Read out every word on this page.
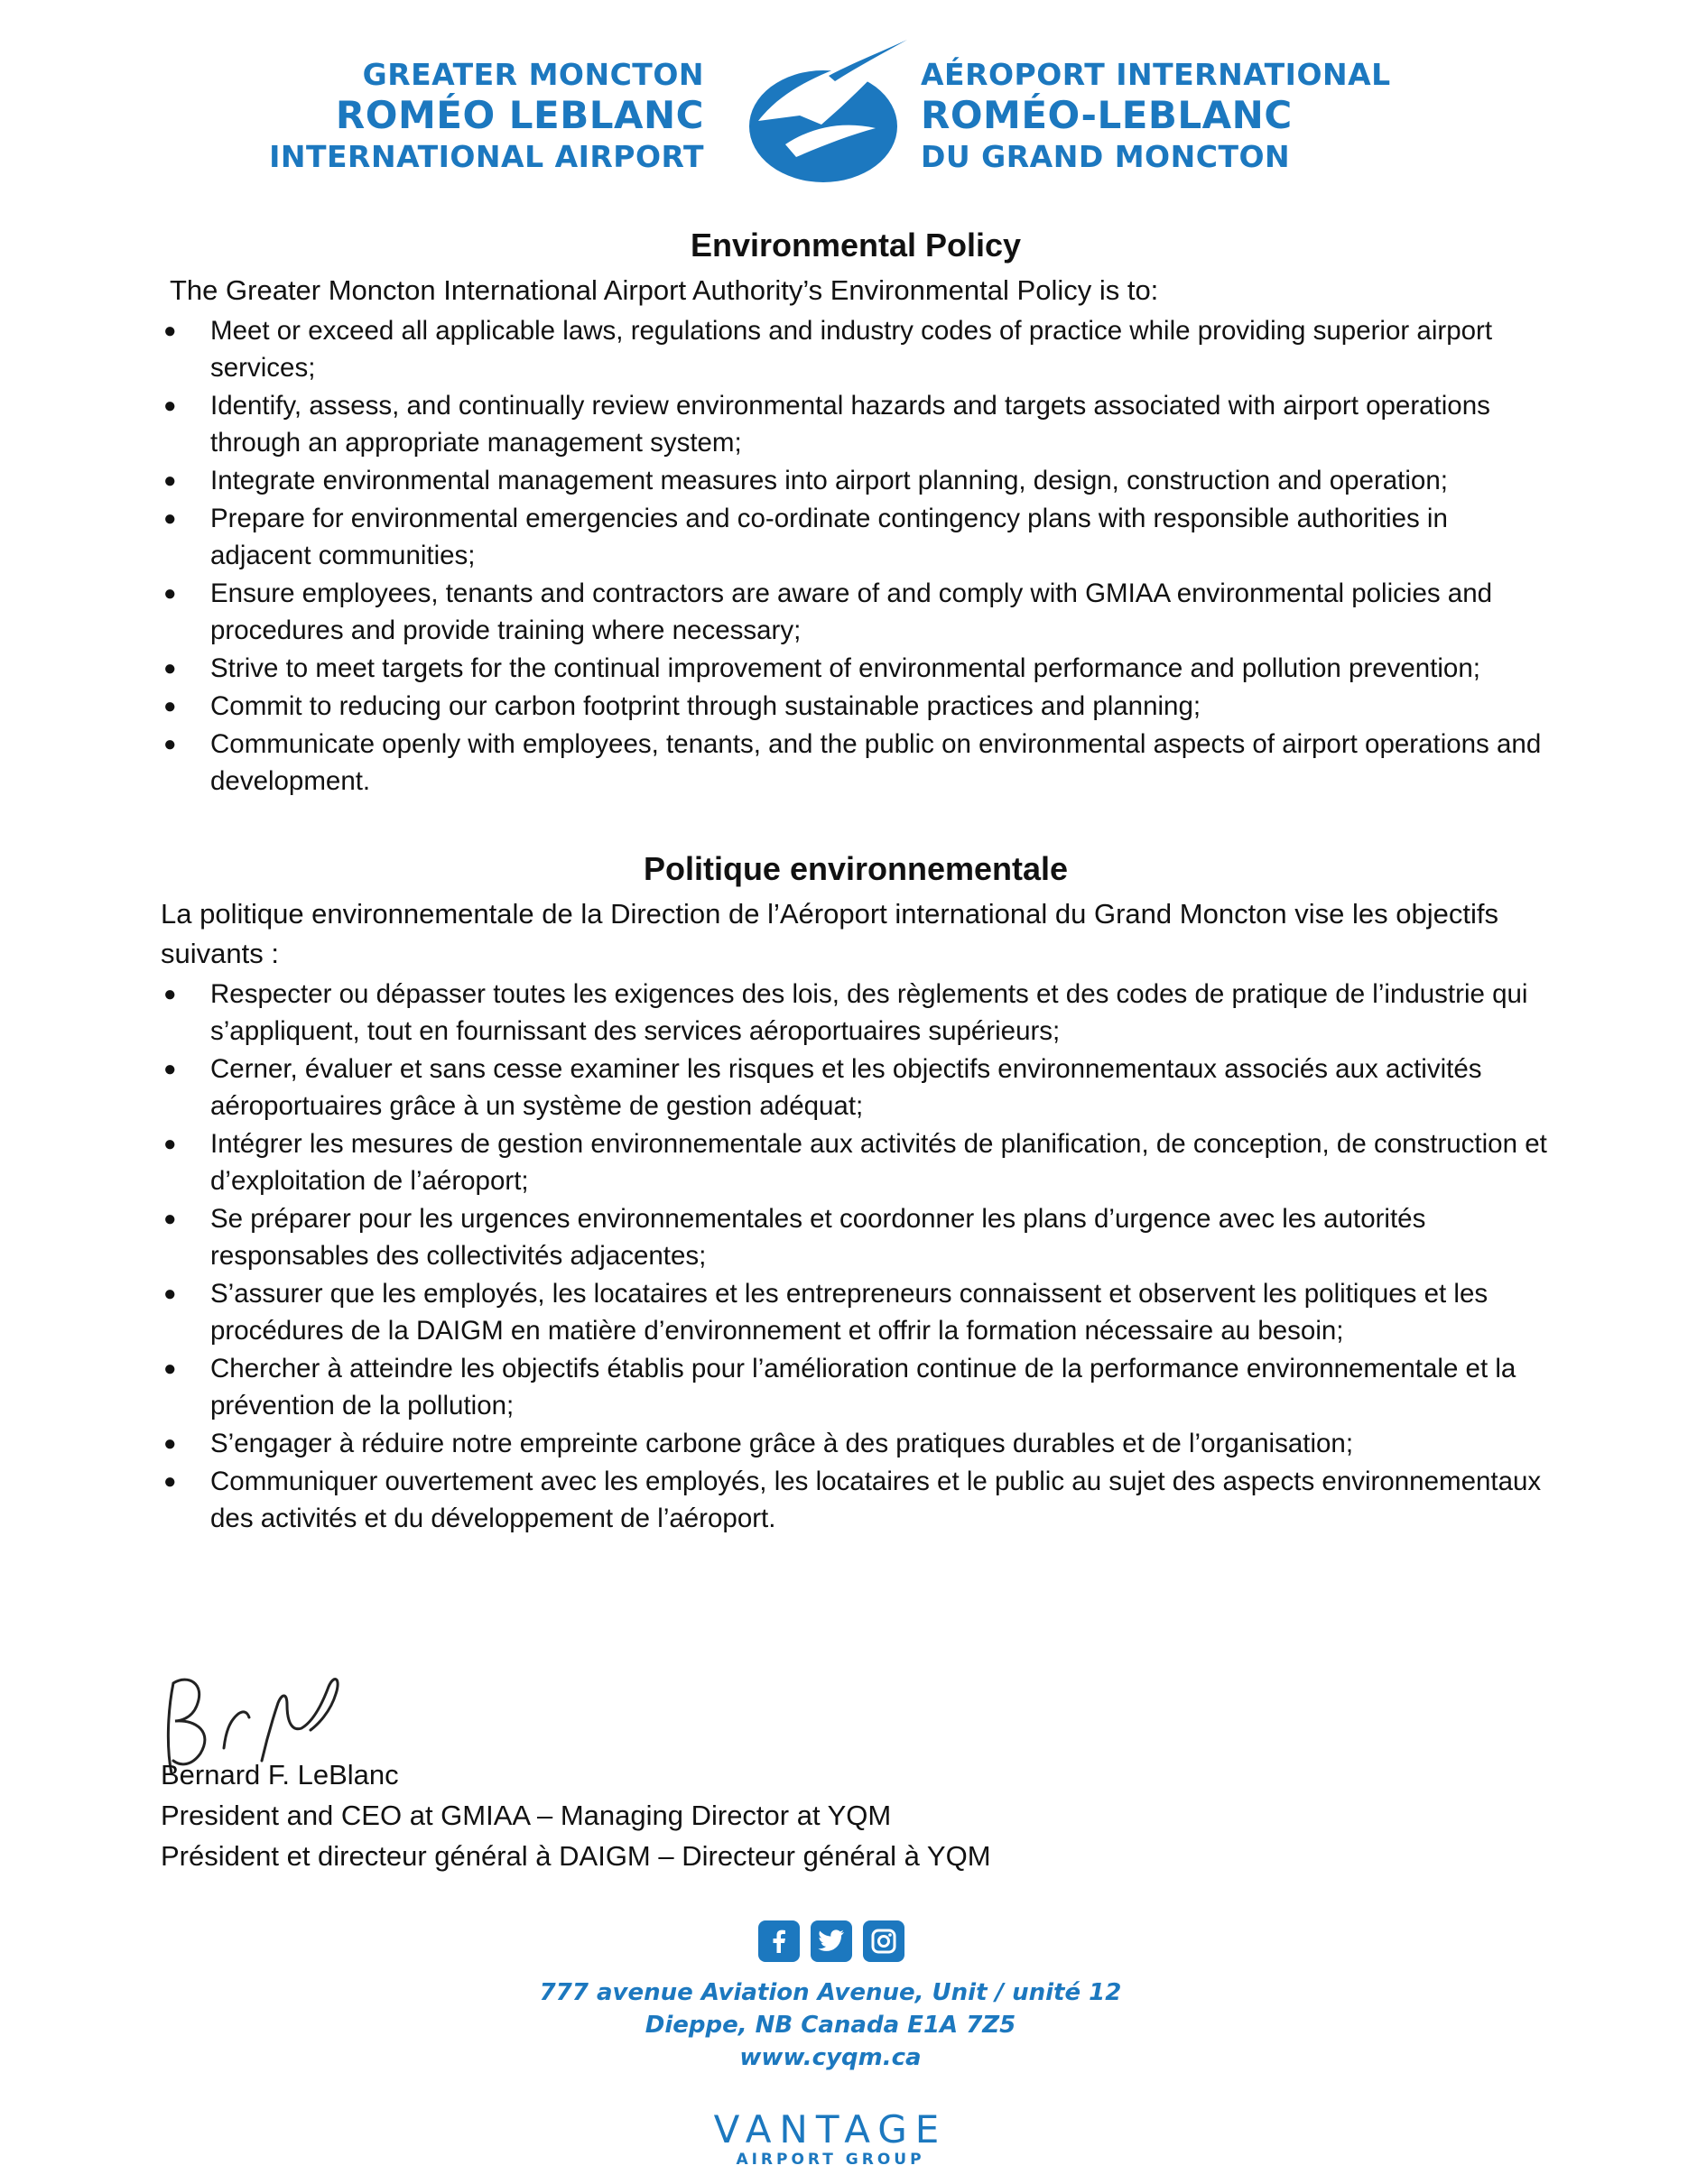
GREATER MONCTON
ROMÉO LEBLANC
INTERNATIONAL AIRPORT
AÉROPORT INTERNATIONAL
ROMÉO-LEBLANC
DU GRAND MONCTON
Environmental Policy
The Greater Moncton International Airport Authority’s Environmental Policy is to:
● Meet or exceed all applicable laws, regulations and industry codes of practice while providing superior airport services;
● Identify, assess, and continually review environmental hazards and targets associated with airport operations through an appropriate management system;
● Integrate environmental management measures into airport planning, design, construction and operation;
● Prepare for environmental emergencies and co-ordinate contingency plans with responsible authorities in adjacent communities;
● Ensure employees, tenants and contractors are aware of and comply with GMIAA environmental policies and procedures and provide training where necessary;
● Strive to meet targets for the continual improvement of environmental performance and pollution prevention;
● Commit to reducing our carbon footprint through sustainable practices and planning;
● Communicate openly with employees, tenants, and the public on environmental aspects of airport operations and development.
Politique environnementale
La politique environnementale de la Direction de l’Aéroport international du Grand Moncton vise les objectifs suivants :
● Respecter ou dépasser toutes les exigences des lois, des règlements et des codes de pratique de l’industrie qui s’appliquent, tout en fournissant des services aéroportuaires supérieurs;
● Cerner, évaluer et sans cesse examiner les risques et les objectifs environnementaux associés aux activités aéroportuaires grâce à un système de gestion adéquat;
● Intégrer les mesures de gestion environnementale aux activités de planification, de conception, de construction et d’exploitation de l’aéroport;
● Se préparer pour les urgences environnementales et coordonner les plans d’urgence avec les autorités responsables des collectivités adjacentes;
● S’assurer que les employés, les locataires et les entrepreneurs connaissent et observent les politiques et les procédures de la DAIGM en matière d’environnement et offrir la formation nécessaire au besoin;
● Chercher à atteindre les objectifs établis pour l’amélioration continue de la performance environnementale et la prévention de la pollution;
● S’engager à réduire notre empreinte carbone grâce à des pratiques durables et de l’organisation;
● Communiquer ouvertement avec les employés, les locataires et le public au sujet des aspects environnementaux des activités et du développement de l’aéroport.
Bernard F. LeBlanc
President and CEO at GMIAA – Managing Director at YQM
Président et directeur général à DAIGM – Directeur général à YQM
777 avenue Aviation Avenue, Unit / unité 12
Dieppe, NB Canada E1A 7Z5
www.cyqm.ca
VANTAGE
AIRPORT GROUP
